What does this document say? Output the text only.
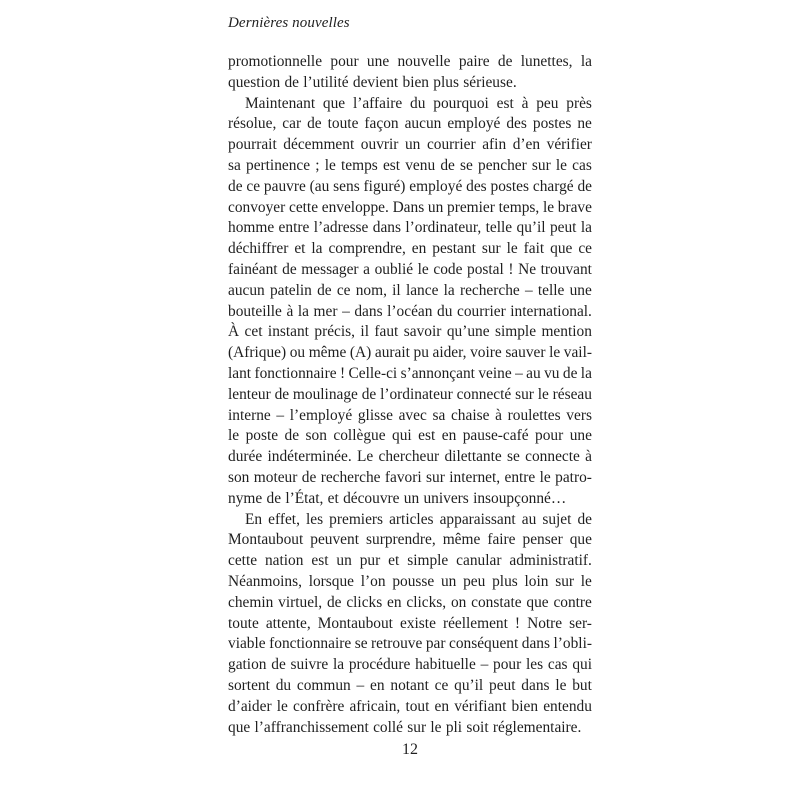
Dernières nouvelles
promotionnelle pour une nouvelle paire de lunettes, la
question de l’utilité devient bien plus sérieuse.
Maintenant que l’affaire du pourquoi est à peu près
résolue, car de toute façon aucun employé des postes ne
pourrait décemment ouvrir un courrier afin d’en vérifier
sa pertinence ; le temps est venu de se pencher sur le cas
de ce pauvre (au sens figuré) employé des postes chargé de
convoyer cette enveloppe. Dans un premier temps, le brave
homme entre l’adresse dans l’ordinateur, telle qu’il peut la
déchiffrer et la comprendre, en pestant sur le fait que ce
fainéant de messager a oublié le code postal ! Ne trouvant
aucun patelin de ce nom, il lance la recherche – telle une
bouteille à la mer – dans l’océan du courrier international.
À cet instant précis, il faut savoir qu’une simple mention
(Afrique) ou même (A) aurait pu aider, voire sauver le vail-
lant fonctionnaire ! Celle-ci s’annonçant veine – au vu de la
lenteur de moulinage de l’ordinateur connecté sur le réseau
interne – l’employé glisse avec sa chaise à roulettes vers
le poste de son collègue qui est en pause-café pour une
durée indéterminée. Le chercheur dilettante se connecte à
son moteur de recherche favori sur internet, entre le patro-
nyme de l’État, et découvre un univers insoupçonné…
En effet, les premiers articles apparaissant au sujet de
Montaubout peuvent surprendre, même faire penser que
cette nation est un pur et simple canular administratif.
Néanmoins, lorsque l’on pousse un peu plus loin sur le
chemin virtuel, de clicks en clicks, on constate que contre
toute attente, Montaubout existe réellement ! Notre ser-
viable fonctionnaire se retrouve par conséquent dans l’obli-
gation de suivre la procédure habituelle – pour les cas qui
sortent du commun – en notant ce qu’il peut dans le but
d’aider le confrère africain, tout en vérifiant bien entendu
que l’affranchissement collé sur le pli soit réglementaire.
12
